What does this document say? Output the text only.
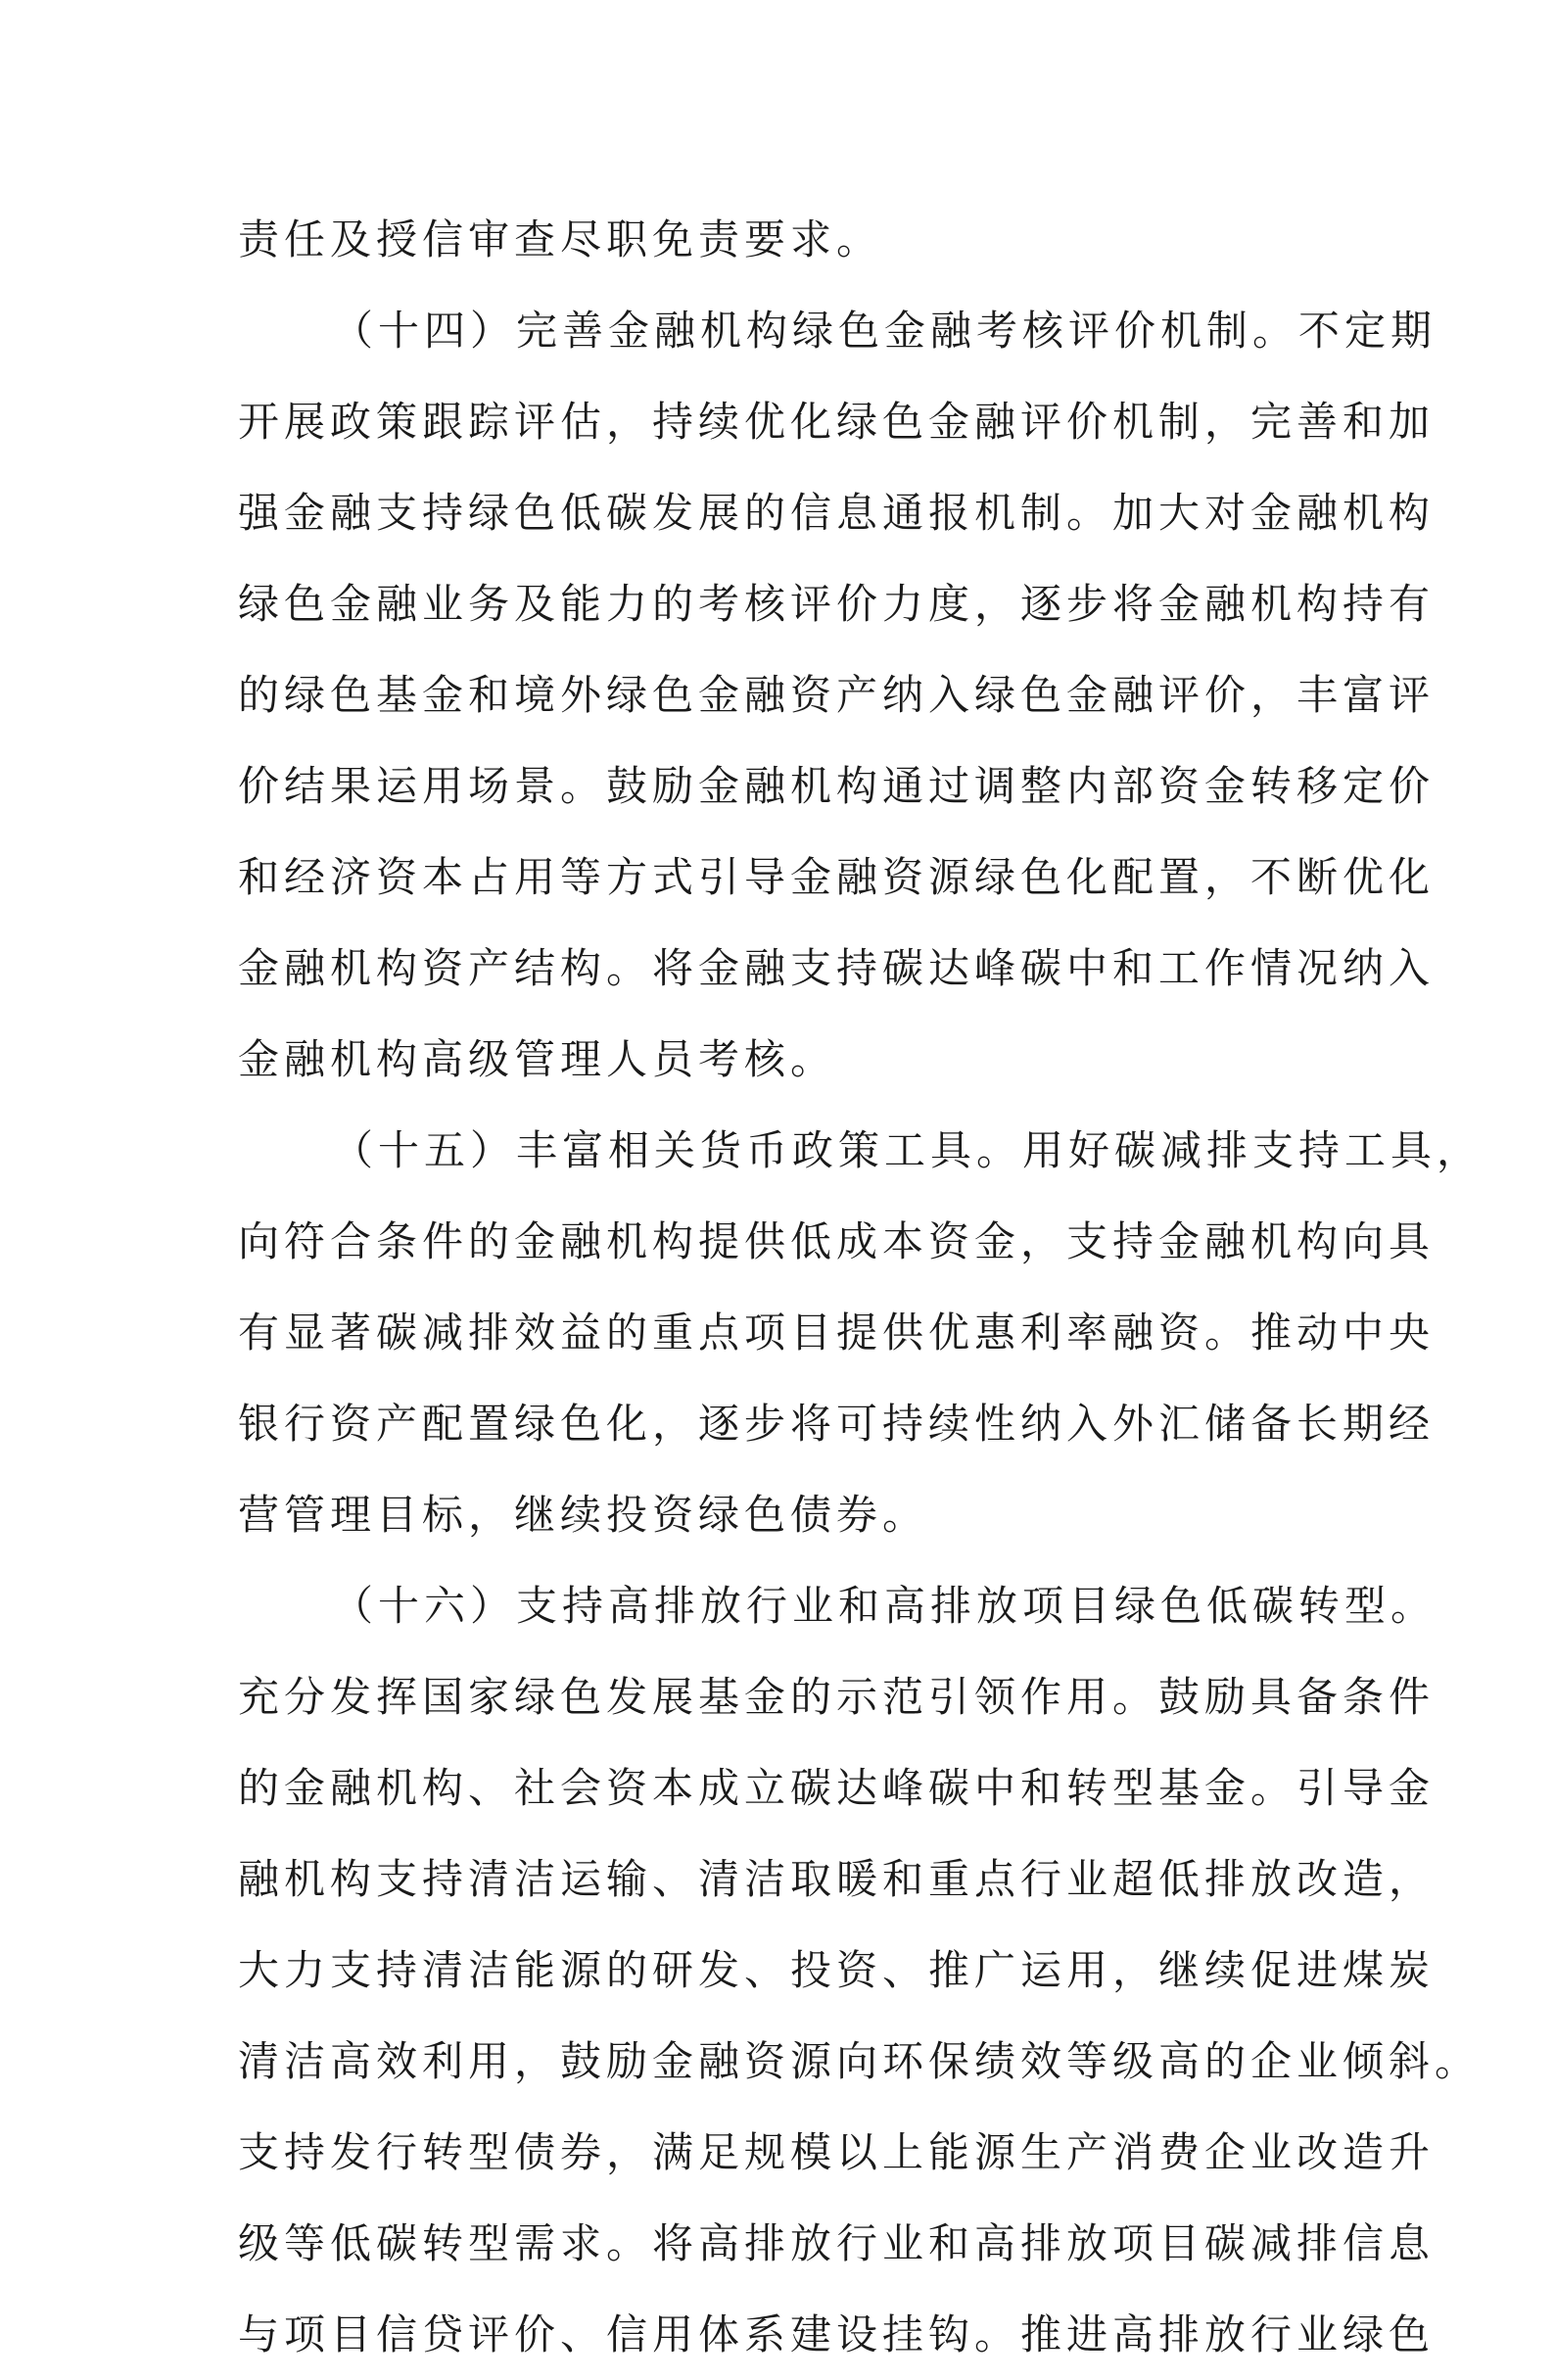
责任及授信审查尽职免责要求。
（十四）完善金融机构绿色金融考核评价机制。不定期
开展政策跟踪评估，持续优化绿色金融评价机制，完善和加
强金融支持绿色低碳发展的信息通报机制。加大对金融机构
绿色金融业务及能力的考核评价力度，逐步将金融机构持有
的绿色基金和境外绿色金融资产纳入绿色金融评价，丰富评
价结果运用场景。鼓励金融机构通过调整内部资金转移定价
和经济资本占用等方式引导金融资源绿色化配置，不断优化
金融机构资产结构。将金融支持碳达峰碳中和工作情况纳入
金融机构高级管理人员考核。
（十五）丰富相关货币政策工具。用好碳减排支持工具，
向符合条件的金融机构提供低成本资金，支持金融机构向具
有显著碳减排效益的重点项目提供优惠利率融资。推动中央
银行资产配置绿色化，逐步将可持续性纳入外汇储备长期经
营管理目标，继续投资绿色债券。
（十六）支持高排放行业和高排放项目绿色低碳转型。
充分发挥国家绿色发展基金的示范引领作用。鼓励具备条件
的金融机构、社会资本成立碳达峰碳中和转型基金。引导金
融机构支持清洁运输、清洁取暖和重点行业超低排放改造，
大力支持清洁能源的研发、投资、推广运用，继续促进煤炭
清洁高效利用，鼓励金融资源向环保绩效等级高的企业倾斜。
支持发行转型债券，满足规模以上能源生产消费企业改造升
级等低碳转型需求。将高排放行业和高排放项目碳减排信息
与项目信贷评价、信用体系建设挂钩。推进高排放行业绿色
